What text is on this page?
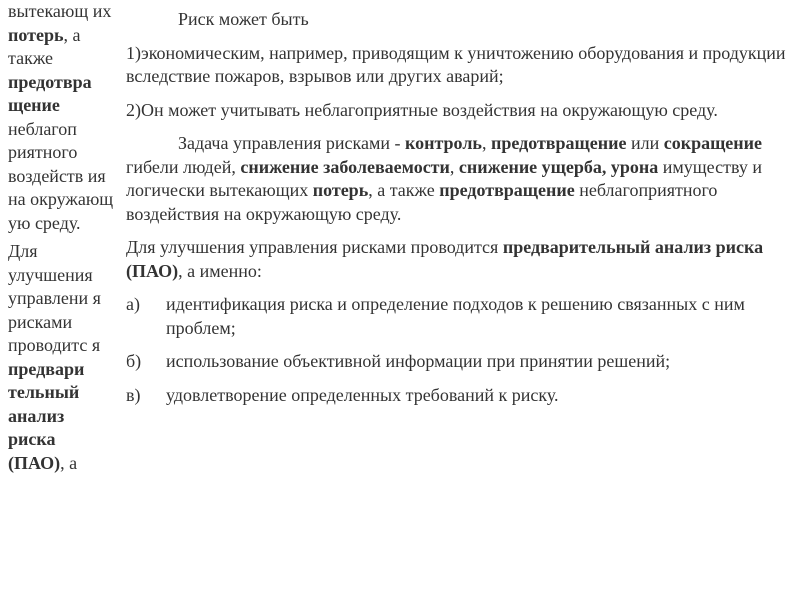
вытекающ их потерь, а также предотвра щение неблагоп риятного воздейств ия на окружающ ую среду.

Для улучшения управлени я рисками проводитс я предвари тельный анализ риска (ПАО), а

Риск может быть

1)экономическим, например, приводящим к уничтожению оборудования и продукции вследствие пожаров, взрывов или других аварий;

2)Он может учитывать неблагоприятные воздействия на окружающую среду.

Задача управления рисками - контроль, предотвращение или сокращение гибели людей, снижение заболеваемости, снижение ущерба, урона имуществу и логически вытекающих потерь, а также предотвращение неблагоприятного воздействия на окружающую среду.

Для улучшения управления рисками проводится предварительный анализ риска (ПАО), а именно:

а)	идентификация риска и определение подходов к решению связанных с ним проблем;
б)	использование объективной информации при принятии решений;
в)	удовлетворение определенных требований к риску.
